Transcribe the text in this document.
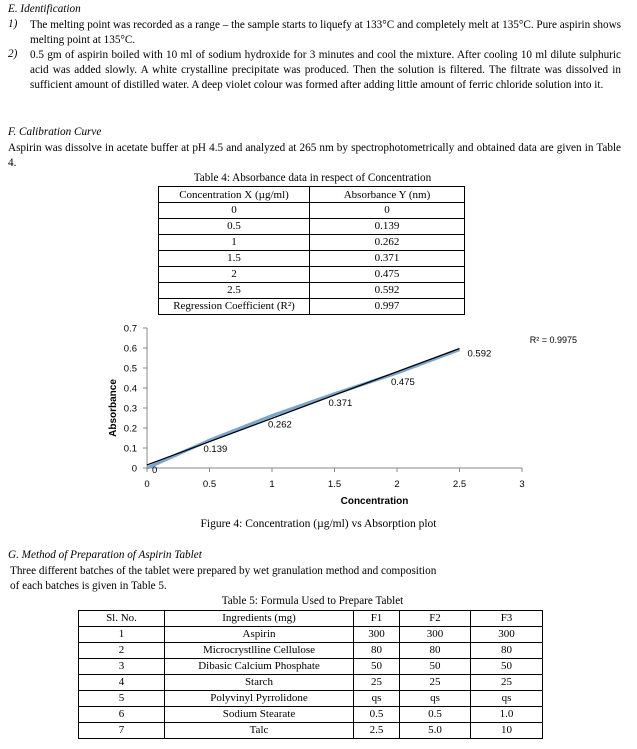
E. Identification
1) The melting point was recorded as a range – the sample starts to liquefy at 133°C and completely melt at 135°C. Pure aspirin shows melting point at 135°C.
2) 0.5 gm of aspirin boiled with 10 ml of sodium hydroxide for 3 minutes and cool the mixture. After cooling 10 ml dilute sulphuric acid was added slowly. A white crystalline precipitate was produced. Then the solution is filtered. The filtrate was dissolved in sufficient amount of distilled water. A deep violet colour was formed after adding little amount of ferric chloride solution into it.
F. Calibration Curve
Aspirin was dissolve in acetate buffer at pH 4.5 and analyzed at 265 nm by spectrophotometrically and obtained data are given in Table 4.
Table 4: Absorbance data in respect of Concentration
Concentration X (µg/ml)	Absorbance Y (nm)
0	0
0.5	0.139
1	0.262
1.5	0.371
2	0.475
2.5	0.592
Regression Coefficient (R²)	0.997
0
0.1
0.2
0.3
0.4
0.5
0.6
0.7
0	0.5	1	1.5	2	2.5	3
Concentration
Absorbance
0
0.139
0.262
0.371
0.475
0.592
R² = 0.9975
Figure 4: Concentration (µg/ml) vs Absorption plot
G. Method of Preparation of Aspirin Tablet
Three different batches of the tablet were prepared by wet granulation method and composition
of each batches is given in Table 5.
Table 5: Formula Used to Prepare Tablet
Sl. No.	Ingredients (mg)	F1	F2	F3
1	Aspirin	300	300	300
2	Microcrystlline Cellulose	80	80	80
3	Dibasic Calcium Phosphate	50	50	50
4	Starch	25	25	25
5	Polyvinyl Pyrrolidone	qs	qs	qs
6	Sodium Stearate	0.5	0.5	1.0
7	Talc	2.5	5.0	10
